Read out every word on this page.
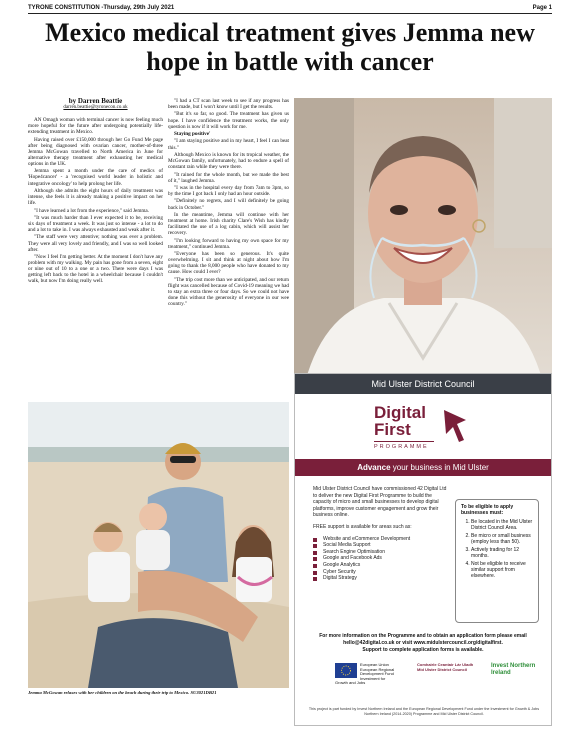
TYRONE CONSTITUTION -Thursday, 29th July 2021	Page 1
Mexico medical treatment gives Jemma new hope in battle with cancer
by Darren Beattie
darren.beattie@tyronecon.co.uk

AN Omagh woman with terminal cancer is now feeling much more hopeful for the future after undergoing potentially life-extending treatment in Mexico.

Having raised over £150,000 through her Go Fund Me page after being diagnosed with ovarian cancer, mother-of-three Jemma McGowan travelled to North America in June for alternative therapy treatment after exhausting her medical options in the UK.

Jemma spent a month under the care of medics of 'Hope4cancer' - a 'recognised world leader in holistic and integrative oncology' to help prolong her life.

Although she admits the eight hours of daily treatment was intense, she feels it is already making a positive impact on her life.

"I have learned a lot from the experience," said Jemma.

"It was much harder than I ever expected it to be, receiving six days of treatment a week. It was just so intense - a lot to do and a lot to take in. I was always exhausted and weak after it.

"The staff were very attentive; nothing was ever a problem. They were all very lovely and friendly, and I was so well looked after.

"Now I feel I'm getting better. At the moment I don't have any problem with my walking. My pain has gone from a seven, eight or nine out of 10 to a one or a two. There were days I was getting left back to the hotel in a wheelchair because I couldn't walk, but now I'm doing really well.

"I had a CT scan last week to see if any progress has been made, but I won't know until I get the results.

"But it's so far, so good. The treatment has given us hope. I have confidence the treatment works, the only question is now if it will work for me.

Staying positive'

"I am staying positive and in my heart, I feel I can beat this."

Although Mexico is known for its tropical weather, the McGowan family, unfortunately, had to endure a spell of constant rain while they were there.

"It rained for the whole month, but we made the best of it," laughed Jemma.

"I was in the hospital every day from 7am to 3pm, so by the time I got back I only had an hour outside.

"Definitely no regrets, and I will definitely be going back in October."

In the meantime, Jemma will continue with her treatment at home. Irish charity Clare's Wish has kindly facilitated the use of a log cabin, which will assist her recovery.

"I'm looking forward to having my own space for my treatment," continued Jemma.

"Everyone has been so generous. It's quite overwhelming. I sit and think at night about how I'm going to thank the 8,000 people who have donated to my cause. How could I ever?

"The trip cost more than we anticipated, and our return flight was cancelled because of Covid-19 meaning we had to stay an extra three or four days. So we could not have done this without the generosity of everyone in our wee country."

Jemma McGowan relaxes with her children on the beach during their trip to Mexico. SU3021DB21
Mid Ulster District Council
Digital First
PROGRAMME
Advance your business in Mid Ulster

Mid Ulster District Council have commissioned 42 Digital Ltd to deliver the new Digital First Programme to build the capacity of micro and small businesses to develop digital platforms, improve customer engagement and grow their business online.

FREE support is available for areas such as:

Website and eCommerce Development
Social Media Support
Search Engine Optimisation
Google and Facebook Ads
Google Analytics
Cyber Security
Digital Strategy
To be eligible to apply businesses must:
1. Be located in the Mid Ulster District Council Area.
2. Be micro or small business (employ less than 50).
3. Actively trading for 12 months.
4. Not be eligible to receive similar support from elsewhere.
For more information on the Programme and to obtain an application form please email
hello@42digital.co.uk or visit www.midulstercouncil.org/digitalfirst.
Support to complete application forms is available.
European Union European Regional Development Fund Investment for Growth and Jobs
Comhairle Ceantair Lár Uladh Mid Ulster District Council
Invest Northern Ireland
This project is part funded by Invest Northern Ireland and the European Regional Development Fund under the Investment for Growth & Jobs Northern Ireland (2014-2020) Programme and Mid Ulster District Council.
